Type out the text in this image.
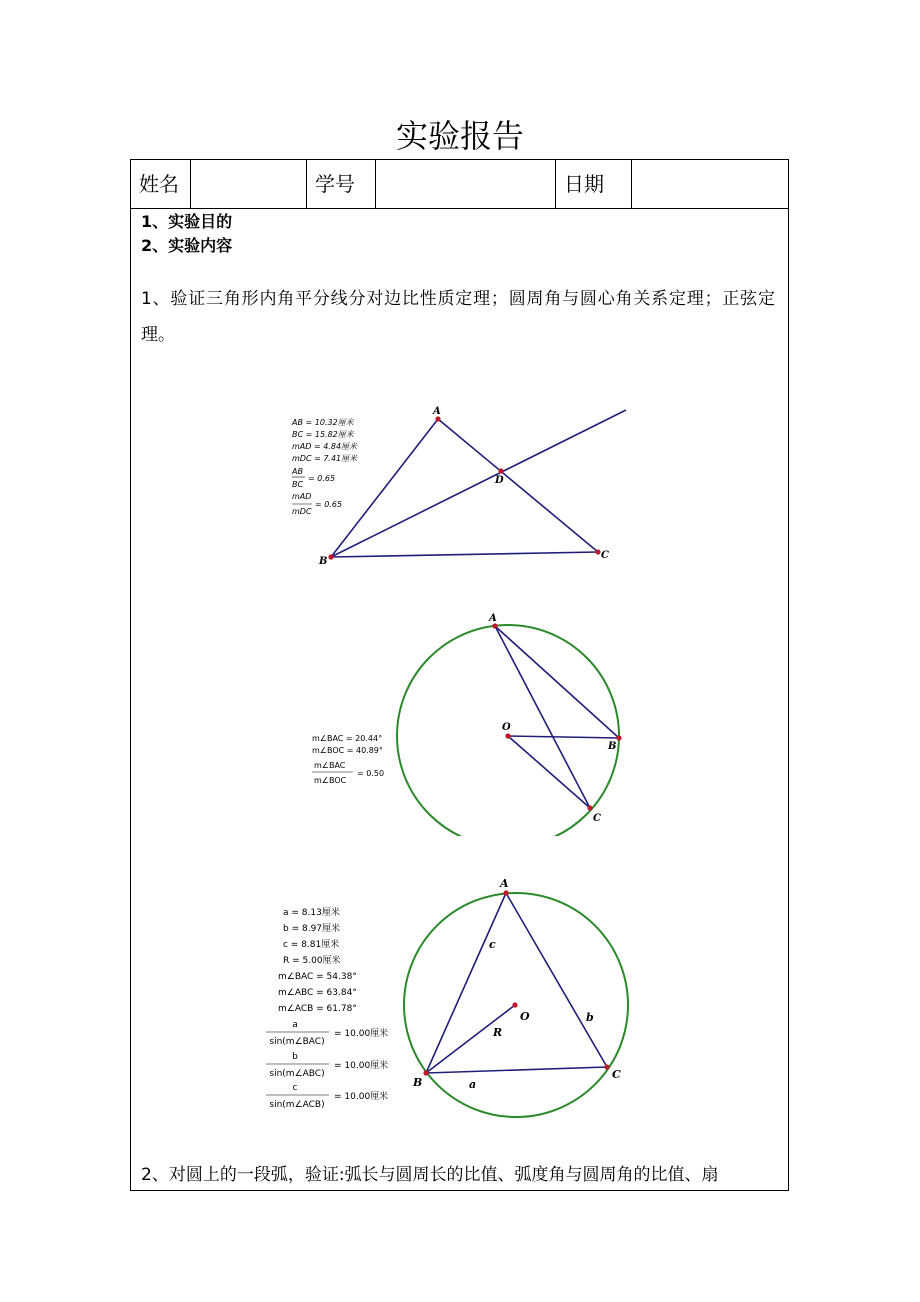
实验报告
姓名	学号	日期
1、实验目的
2、实验内容
1、验证三角形内角平分线分对边比性质定理；圆周角与圆心角关系定理；正弦定理。
A
B
C
D
AB = 10.32厘米
BC = 15.82厘米
mAD = 4.84厘米
mDC = 7.41厘米
AB
BC
= 0.65
mAD
mDC
= 0.65
A
O
B
C
m∠BAC = 20.44°
m∠BOC = 40.89°
m∠BAC
m∠BOC
= 0.50
A
B
C
O
a
b
c
R
a = 8.13厘米
b = 8.97厘米
c = 8.81厘米
R = 5.00厘米
m∠BAC = 54.38°
m∠ABC = 63.84°
m∠ACB = 61.78°
a
sin(m∠BAC)
= 10.00厘米
b
sin(m∠ABC)
= 10.00厘米
c
sin(m∠ACB)
= 10.00厘米
2、对圆上的一段弧，验证:弧长与圆周长的比值、弧度角与圆周角的比值、扇
